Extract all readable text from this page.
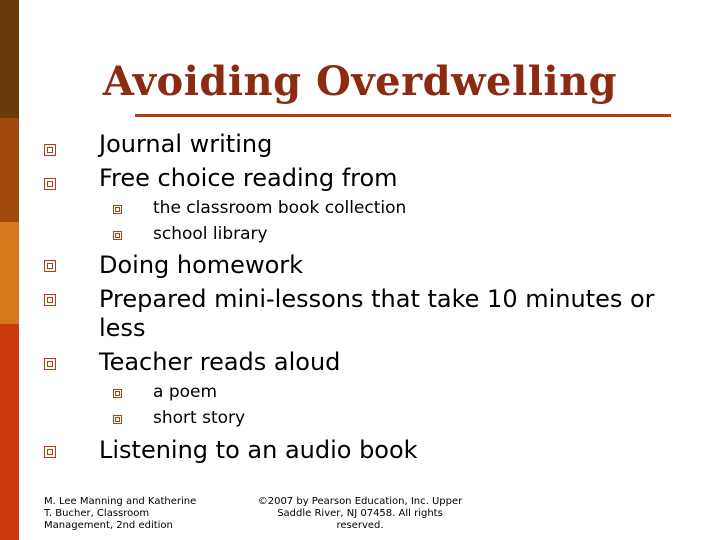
Avoiding Overdwelling
Journal writing
Free choice reading from
the classroom book collection
school library
Doing homework
Prepared mini-lessons that take 10 minutes or
less
Teacher reads aloud
a poem
short story
Listening to an audio book
M. Lee Manning and Katherine
T. Bucher, Classroom
Management, 2nd edition
©2007 by Pearson Education, Inc. Upper
Saddle River, NJ 07458. All rights
reserved.
